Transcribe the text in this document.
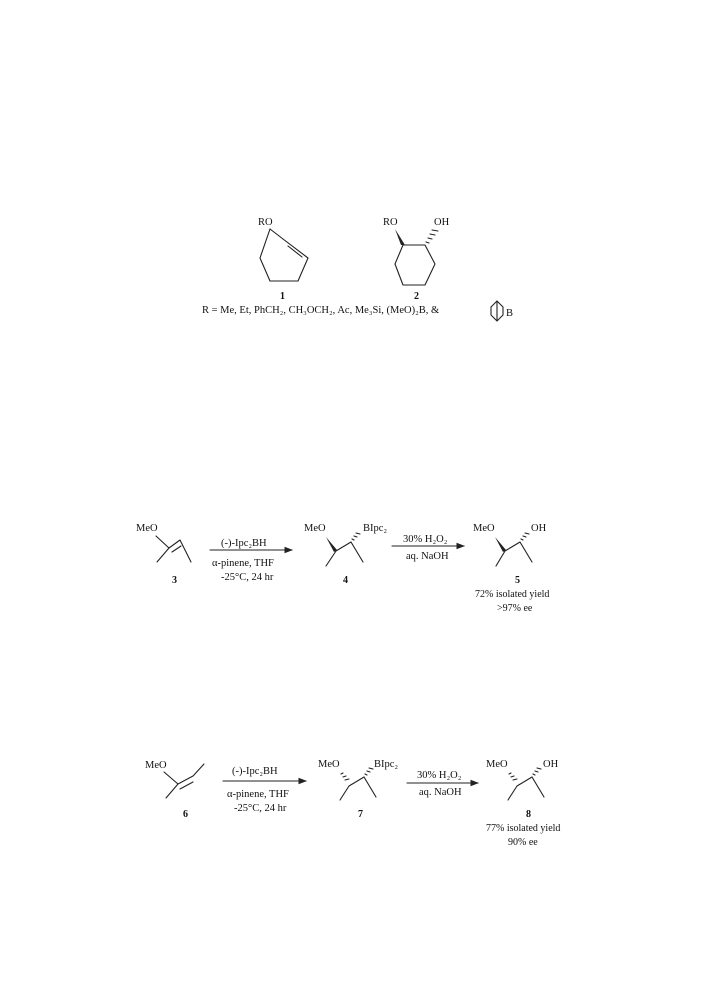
RO
1
RO	OH
2
R = Me, Et, PhCH₂, CH₃OCH₂, Ac, Me₃Si, (MeO)₂B, &	B
MeO
3
(-)-Ipc₂BH
α-pinene, THF
-25°C, 24 hr
MeO	BIpc₂
4
30% H₂O₂
aq. NaOH
MeO	OH
5
72% isolated yield
>97% ee
MeO
6
(-)-Ipc₂BH
α-pinene, THF
-25°C, 24 hr
MeO	BIpc₂
7
30% H₂O₂
aq. NaOH
MeO	OH
8
77% isolated yield
90% ee
